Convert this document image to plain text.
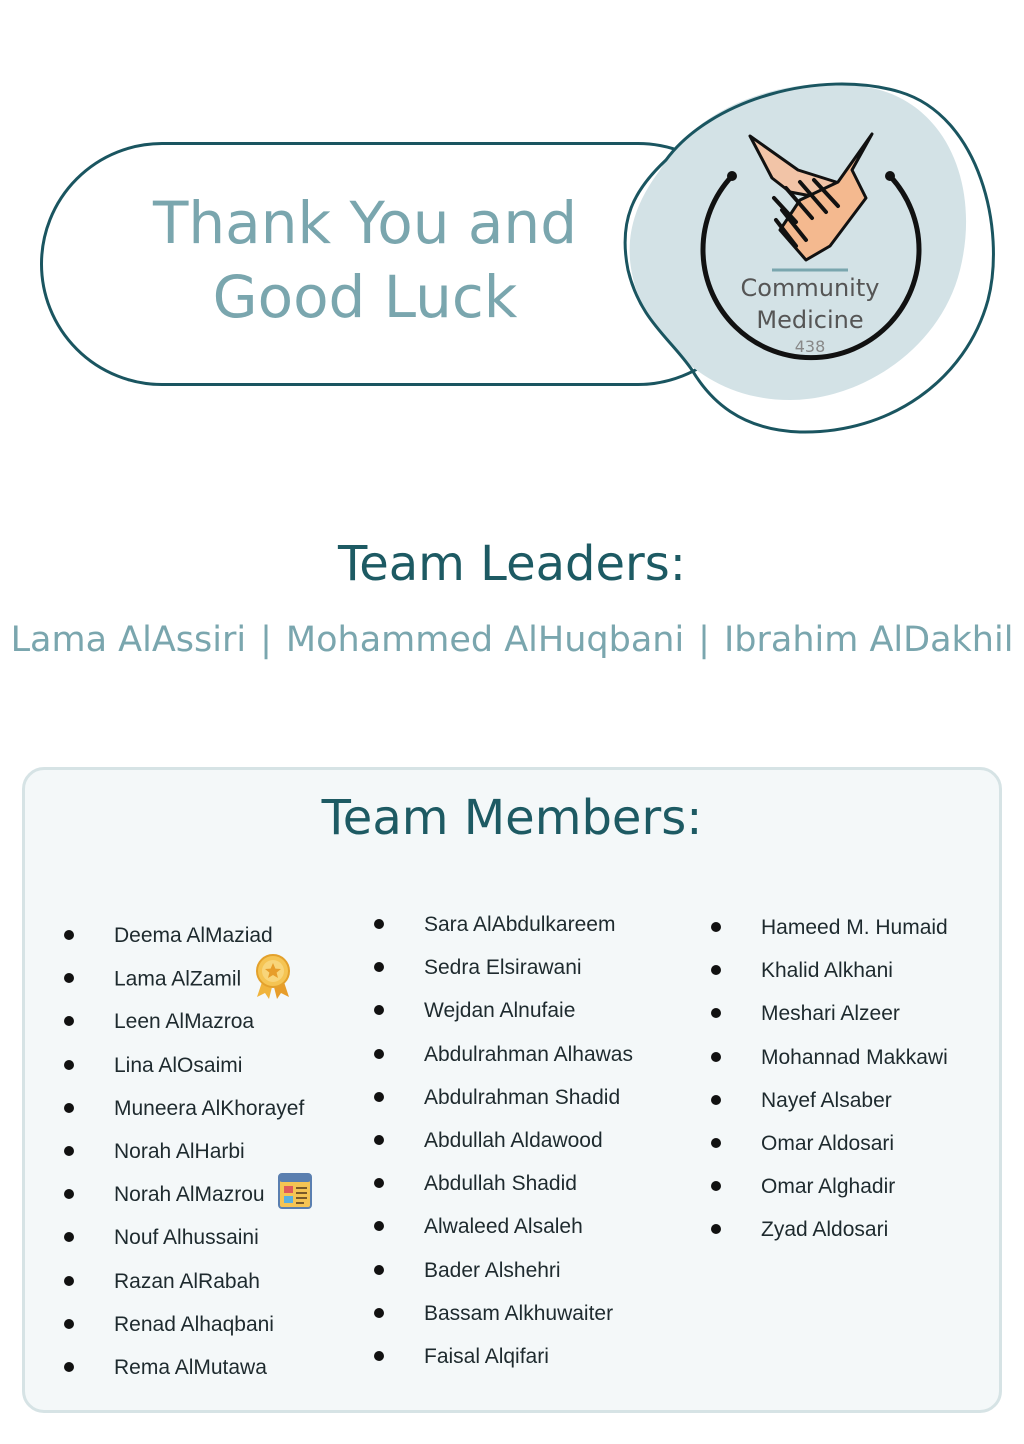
Thank You and
Good Luck	Community
Medicine
438
Team Leaders:
Lama AlAssiri | Mohammed AlHuqbani | Ibrahim AlDakhil
Team Members:
Deema AlMaziad
Lama AlZamil
Leen AlMazroa
Lina AlOsaimi
Muneera AlKhorayef
Norah AlHarbi
Norah AlMazrou
Nouf Alhussaini
Razan AlRabah
Renad Alhaqbani
Rema AlMutawa
Sara AlAbdulkareem
Sedra Elsirawani
Wejdan Alnufaie
Abdulrahman Alhawas
Abdulrahman Shadid
Abdullah Aldawood
Abdullah Shadid
Alwaleed Alsaleh
Bader Alshehri
Bassam Alkhuwaiter
Faisal Alqifari
Hameed M. Humaid
Khalid Alkhani
Meshari Alzeer
Mohannad Makkawi
Nayef Alsaber
Omar Aldosari
Omar Alghadir
Zyad Aldosari
